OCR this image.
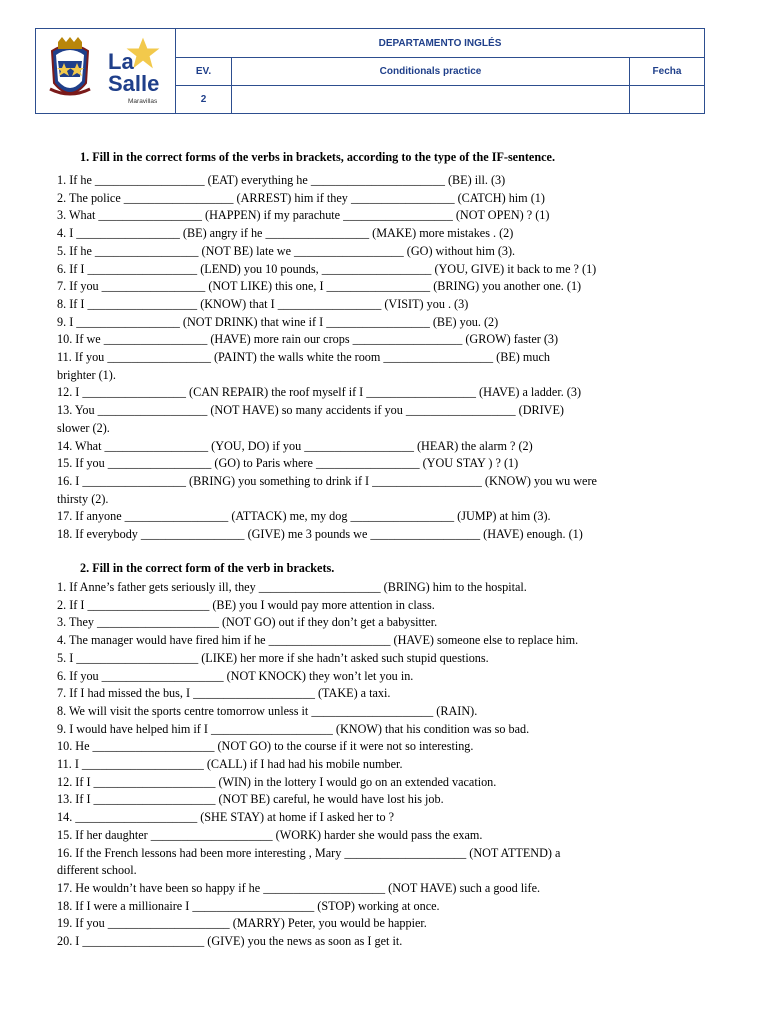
La
Salle
Maravillas
DEPARTAMENTO INGLÉS
EV.	Conditionals practice	Fecha
2
1. Fill in the correct forms of the verbs in brackets, according to the type of the IF-sentence.
1. If he __________________ (EAT) everything he ______________________ (BE) ill. (3)
2. The police __________________ (ARREST) him if they _________________ (CATCH) him (1)
3. What _________________ (HAPPEN) if my parachute __________________ (NOT OPEN) ? (1)
4. I _________________ (BE) angry if he _________________ (MAKE) more mistakes . (2)
5. If he _________________ (NOT BE) late we __________________ (GO) without him (3).
6. If I __________________ (LEND) you 10 pounds, __________________ (YOU, GIVE) it back to me ? (1)
7. If you _________________ (NOT LIKE) this one, I _________________ (BRING) you another one. (1)
8. If I __________________ (KNOW) that I _________________ (VISIT) you . (3)
9. I _________________ (NOT DRINK) that wine if I _________________ (BE) you. (2)
10. If we _________________ (HAVE) more rain our crops __________________ (GROW) faster (3)
11. If you _________________ (PAINT) the walls white the room __________________ (BE) much
brighter (1).
12. I _________________ (CAN REPAIR) the roof myself if I __________________ (HAVE) a ladder. (3)
13. You __________________ (NOT HAVE) so many accidents if you __________________ (DRIVE)
slower (2).
14. What _________________ (YOU, DO) if you __________________ (HEAR) the alarm ? (2)
15. If you _________________ (GO) to Paris where _________________ (YOU STAY ) ? (1)
16. I _________________ (BRING) you something to drink if I __________________ (KNOW) you wu were
thirsty (2).
17. If anyone _________________ (ATTACK) me, my dog _________________ (JUMP) at him (3).
18. If everybody _________________ (GIVE) me 3 pounds we __________________ (HAVE) enough. (1)
2. Fill in the correct form of the verb in brackets.
1. If Anne’s father gets seriously ill, they ____________________ (BRING) him to the hospital.
2. If I ____________________ (BE) you I would pay more attention in class.
3. They ____________________ (NOT GO) out if they don’t get a babysitter.
4. The manager would have fired him if he ____________________ (HAVE) someone else to replace him.
5. I ____________________ (LIKE) her more if she hadn’t asked such stupid questions.
6. If you ____________________ (NOT KNOCK) they won’t let you in.
7. If I had missed the bus, I ____________________ (TAKE) a taxi.
8. We will visit the sports centre tomorrow unless it ____________________ (RAIN).
9. I would have helped him if I ____________________ (KNOW) that his condition was so bad.
10. He ____________________ (NOT GO) to the course if it were not so interesting.
11. I ____________________ (CALL) if I had had his mobile number.
12. If I ____________________ (WIN) in the lottery I would go on an extended vacation.
13. If I ____________________ (NOT BE) careful, he would have lost his job.
14. ____________________ (SHE STAY) at home if I asked her to ?
15. If her daughter ____________________ (WORK) harder she would pass the exam.
16. If the French lessons had been more interesting , Mary ____________________ (NOT ATTEND) a
different school.
17. He wouldn’t have been so happy if he ____________________ (NOT HAVE) such a good life.
18. If I were a millionaire I ____________________ (STOP) working at once.
19. If you ____________________ (MARRY) Peter, you would be happier.
20. I ____________________ (GIVE) you the news as soon as I get it.
